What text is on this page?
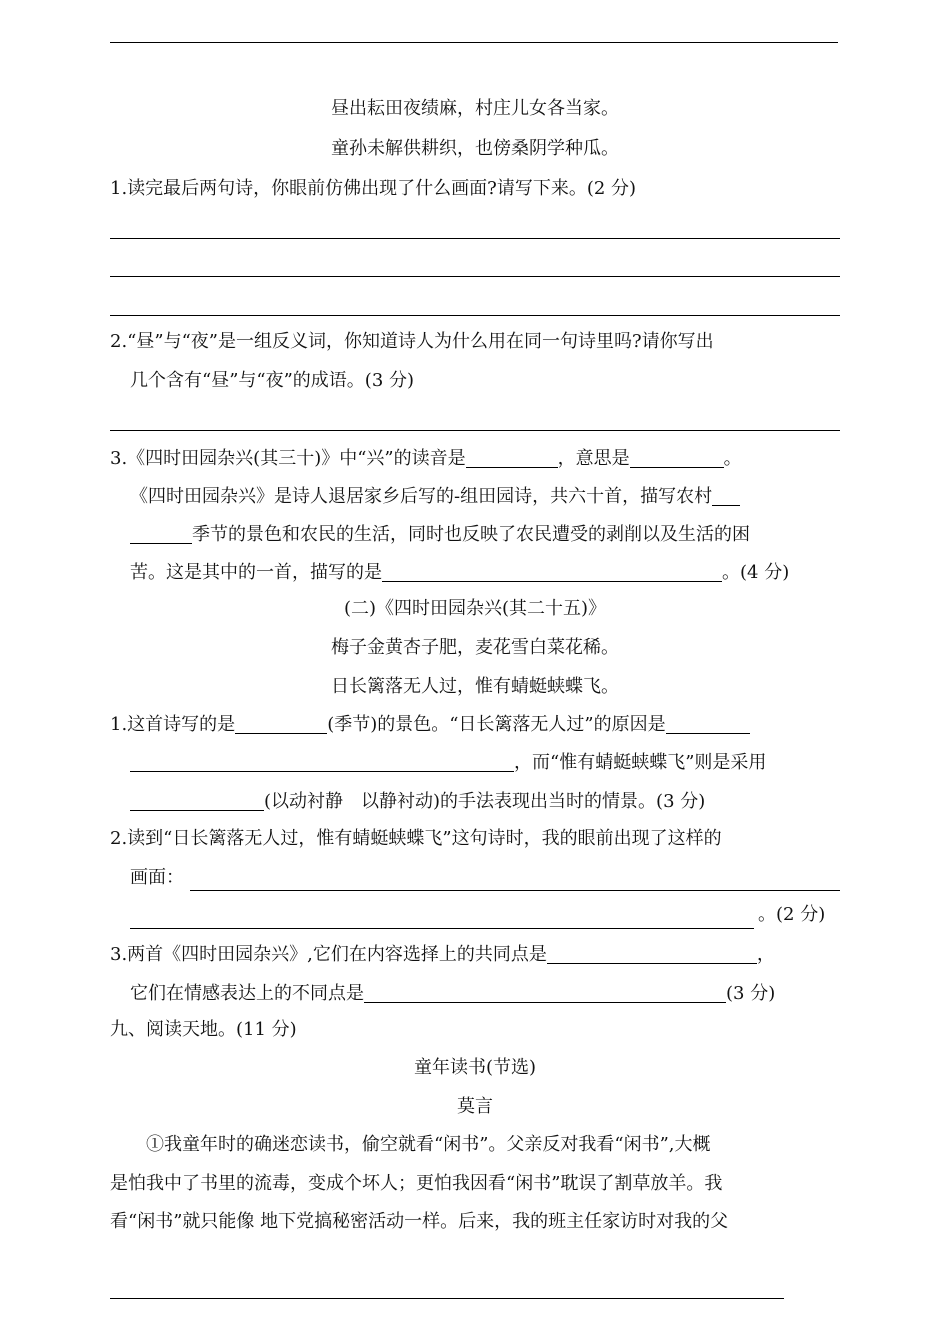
昼出耘田夜绩麻，村庄儿女各当家。
童孙未解供耕织，也傍桑阴学种瓜。
1.读完最后两句诗，你眼前仿佛出现了什么画面?请写下来。(2 分)
2.“昼”与“夜”是一组反义词，你知道诗人为什么用在同一句诗里吗?请你写出
几个含有“昼”与“夜”的成语。(3 分)
3.《四时田园杂兴(其三十)》中“兴”的读音是	，意思是	。
《四时田园杂兴》是诗人退居家乡后写的-组田园诗，共六十首，描写农村
季节的景色和农民的生活，同时也反映了农民遭受的剥削以及生活的困
苦。这是其中的一首，描写的是	。(4 分)
(二)《四时田园杂兴(其二十五)》
梅子金黄杏子肥，麦花雪白菜花稀。
日长篱落无人过，惟有蜻蜓蛱蝶飞。
1.这首诗写的是	(季节)的景色。“日长篱落无人过”的原因是
，而“惟有蜻蜓蛱蝶飞”则是采用
(以动衬静　以静衬动)的手法表现出当时的情景。(3 分)
2.读到“日长篱落无人过，惟有蜻蜓蛱蝶飞”这句诗时，我的眼前出现了这样的
画面：
。(2 分)
3.两首《四时田园杂兴》,它们在内容选择上的共同点是	，
它们在情感表达上的不同点是	(3 分)
九、阅读天地。(11 分)
童年读书(节选)
莫言
①我童年时的确迷恋读书，偷空就看“闲书”。父亲反对我看“闲书”,大概
是怕我中了书里的流毒，变成个坏人；更怕我因看“闲书”耽误了割草放羊。我
看“闲书”就只能像 地下党搞秘密活动一样。后来，我的班主任家访时对我的父
